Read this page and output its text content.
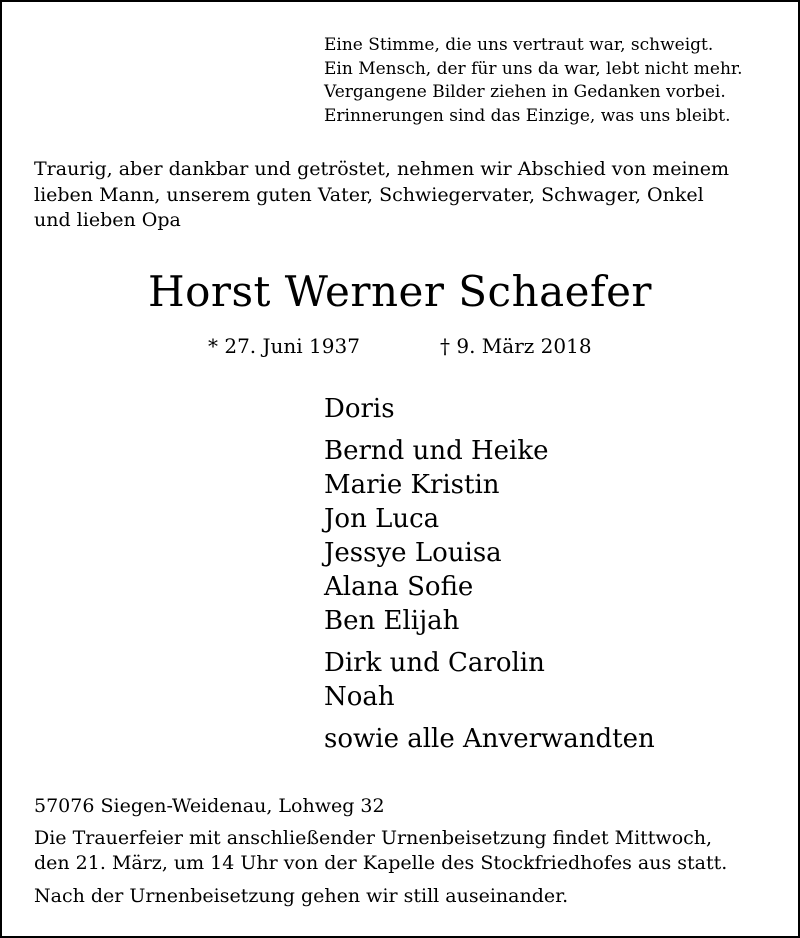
Eine Stimme, die uns vertraut war, schweigt.
Ein Mensch, der für uns da war, lebt nicht mehr.
Vergangene Bilder ziehen in Gedanken vorbei.
Erinnerungen sind das Einzige, was uns bleibt.
Traurig, aber dankbar und getröstet, nehmen wir Abschied von meinem
lieben Mann, unserem guten Vater, Schwiegervater, Schwager, Onkel
und lieben Opa
Horst Werner Schaefer
* 27. Juni 1937	† 9. März 2018
Doris
Bernd und Heike
Marie Kristin
Jon Luca
Jessye Louisa
Alana Sofie
Ben Elijah
Dirk und Carolin
Noah
sowie alle Anverwandten
57076 Siegen-Weidenau, Lohweg 32
Die Trauerfeier mit anschließender Urnenbeisetzung findet Mittwoch,
den 21. März, um 14 Uhr von der Kapelle des Stockfriedhofes aus statt.
Nach der Urnenbeisetzung gehen wir still auseinander.
